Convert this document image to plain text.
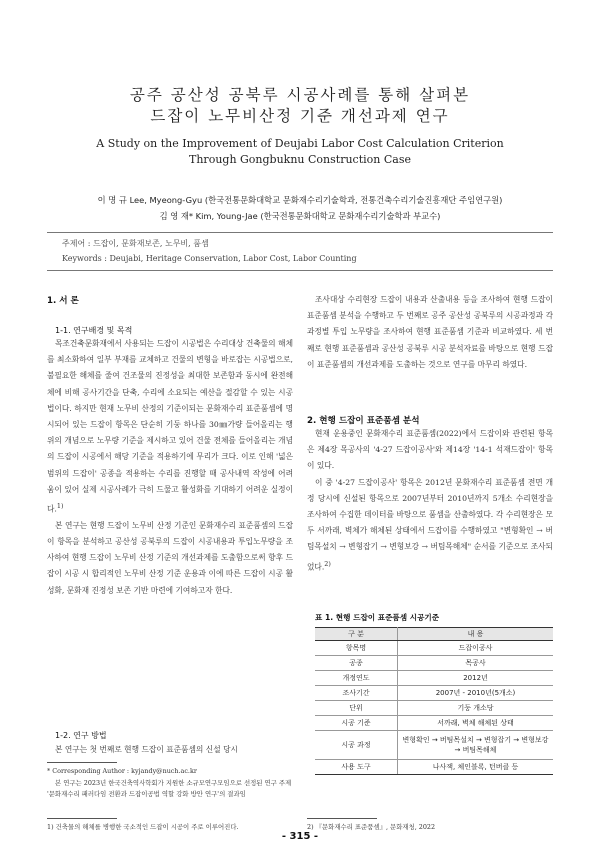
공주 공산성 공북루 시공사례를 통해 살펴본
드잡이 노무비산정 기준 개선과제 연구
A Study on the Improvement of Deujabi Labor Cost Calculation Criterion
Through Gongbuknu Construction Case
이 명 규 Lee, Myeong-Gyu (한국전통문화대학교 문화재수리기술학과, 전통건축수리기술진흥재단 주임연구원)
김 영 재* Kim, Young-Jae (한국전통문화대학교 문화재수리기술학과 부교수)
주제어 : 드잡이, 문화재보존, 노무비, 품셈
Keywords : Deujabi, Heritage Conservation, Labor Cost, Labor Counting
1. 서 론
1-1. 연구배경 및 목적

목조건축문화재에서 사용되는 드잡이 시공법은 수리대상 건축물의 해체를 최소화하여 일부 부재를 교체하고 건물의 변형을 바로잡는 시공법으로, 불필요한 해체를 줄여 건조물의 진정성을 최대한 보존함과 동시에 완전해체에 비해 공사기간을 단축, 수리에 소요되는 예산을 절감할 수 있는 시공법이다. 하지만 현재 노무비 산정의 기준이되는 문화재수리 표준품셈에 명시되어 있는 드잡이 항목은 단순히 기둥 하나를 30㎜가량 들어올리는 행위의 개념으로 노무량 기준을 제시하고 있어 건물 전체를 들어올리는 개념의 드잡이 시공에서 해당 기준을 적용하기에 무리가 크다. 이로 인해 '넓은 범위의 드잡이' 공종을 적용하는 수리를 진행할 때 공사내역 작성에 어려움이 있어 실제 시공사례가 극히 드물고 활성화를 기대하기 어려운 실정이다.$^{1)}$

본 연구는 현행 드잡이 노무비 산정 기준인 문화재수리 표준품셈의 드잡이 항목을 분석하고 공산성 공북루의 드잡이 시공내용과 투입노무량을 조사하여 현행 드잡이 노무비 산정 기준의 개선과제를 도출함으로써 향후 드잡이 시공 시 합리적인 노무비 산정 기준 운용과 이에 따른 드잡이 시공 활성화, 문화재 진정성 보존 기반 마련에 기여하고자 한다.

1-2. 연구 방법

본 연구는 첫 번째로 현행 드잡이 표준품셈의 신설 당시

* Corresponding Author : kyjandy@nuch.ac.kr
본 연구는 2023년 한국건축역사학회가 지원한 소규모연구모임으로 선정된 연구 주제 '문화재수리 패러다임 전환과 드잡이공법 역할 강화 방안 연구'의 결과임
1) 건축물의 해체를 병행한 국소적인 드잡이 시공이 주로 이루어진다.

조사대상 수리현장 드잡이 내용과 산출내용 등을 조사하여 현행 드잡이 표준품셈 분석을 수행하고 두 번째로 공주 공산성 공북루의 시공과정과 각 과정별 투입 노무량을 조사하여 현행 표준품셈 기준과 비교하였다. 세 번째로 현행 표준품셈과 공산성 공북루 시공 분석자료를 바탕으로 현행 드잡이 표준품셈의 개선과제를 도출하는 것으로 연구를 마무리 하였다.

2. 현행 드잡이 표준품셈 분석

현재 운용중인 문화재수리 표준품셈(2022)에서 드잡이와 관련된 항목은 제4장 목공사의 '4-27 드잡이공사'와 제14장 '14-1 석재드잡이' 항목이 있다.

이 중 '4-27 드잡이공사' 항목은 2012년 문화재수리 표준품셈 전면 개정 당시에 신설된 항목으로 2007년부터 2010년까지 5개소 수리현장을 조사하여 수집한 데이터를 바탕으로 품셈을 산출하였다. 각 수리현장은 모두 서까래, 벽체가 해체된 상태에서 드잡이를 수행하였고 "변형확인 → 버팀목설치 → 변형잡기 → 변형보강 → 버팀목해체" 순서를 기준으로 조사되었다.$^{2)}$

표 1. 현행 드잡이 표준품셈 시공기준
구 분	내 용
항목명	드잡이공사
공종	목공사
개정연도	2012년
조사기간	2007년 - 2010년(5개소)
단위	기둥 개소당
시공 기준	서까래, 벽체 해체된 상태
시공 과정	변형확인 → 버팀목설치 → 변형잡기 → 변형보강 → 버팀목해체
사용 도구	나사잭, 체인블록, 턴버클 등
2) 『문화재수리 표준품셈』, 문화재청, 2022
- 315 -
